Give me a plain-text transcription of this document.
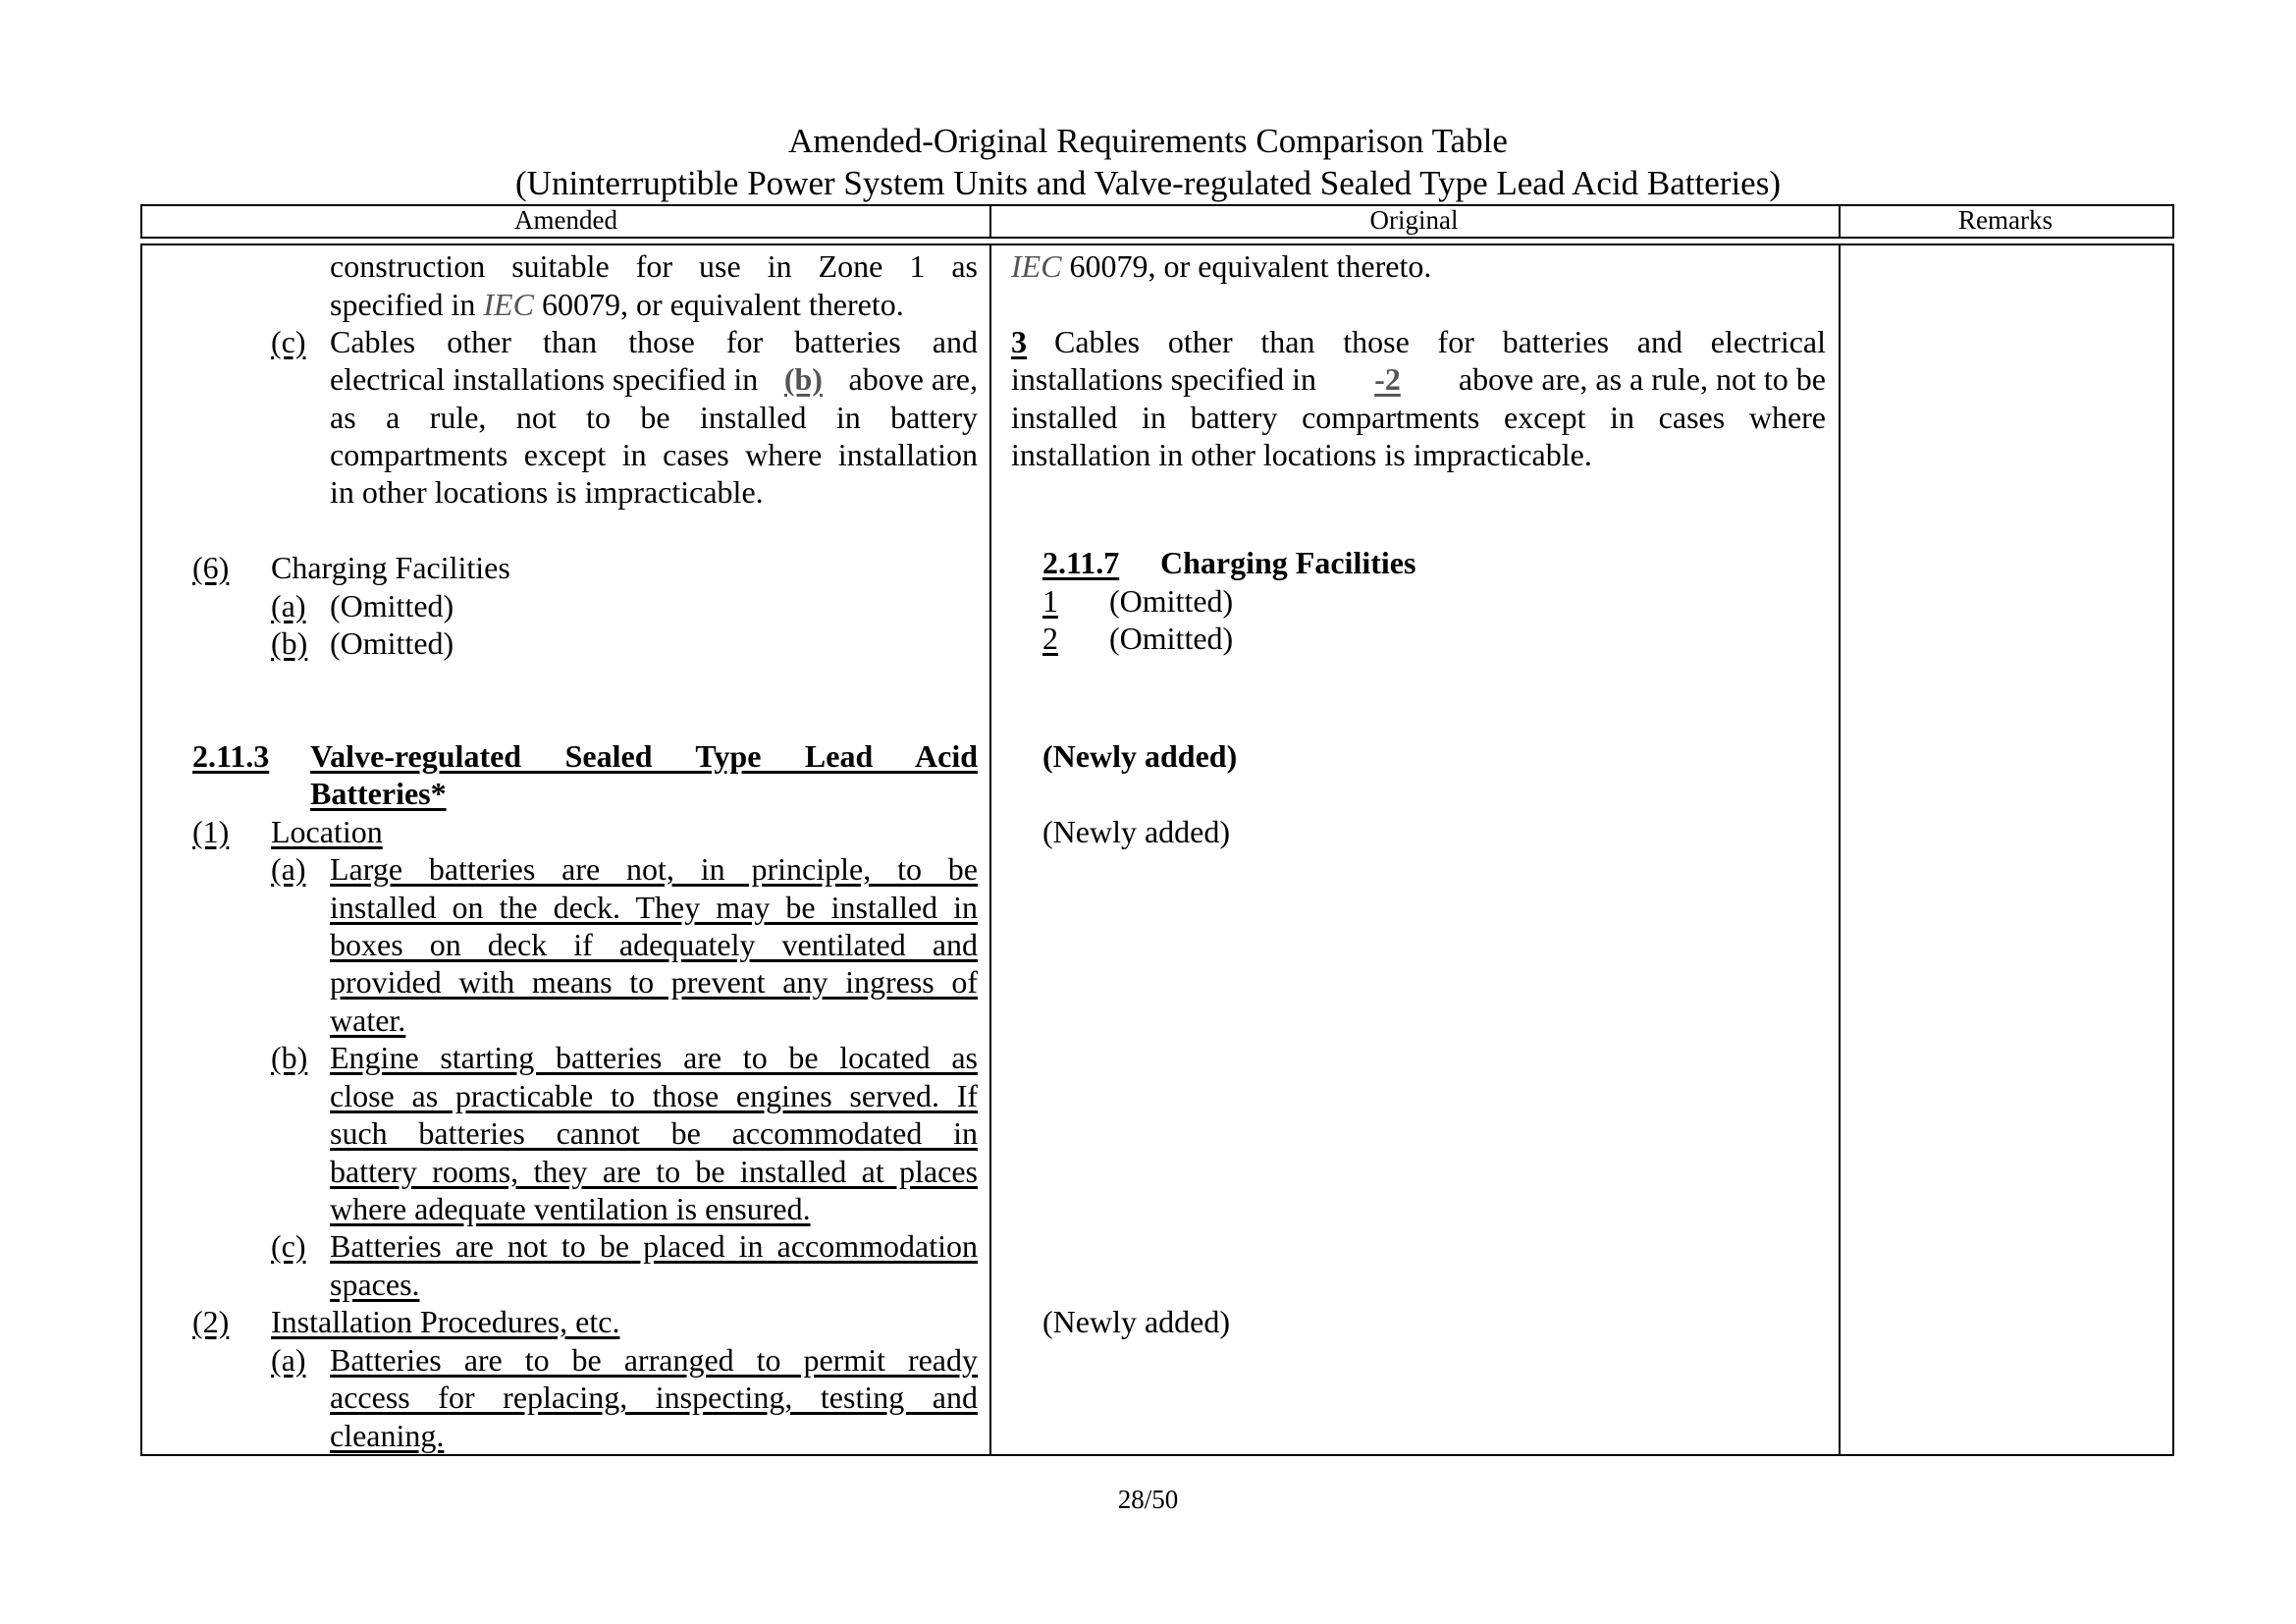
Amended-Original Requirements Comparison Table
(Uninterruptible Power System Units and Valve-regulated Sealed Type Lead Acid Batteries)
Amended	Original	Remarks
construction suitable for use in Zone 1 as
specified in IEC 60079, or equivalent thereto.
(c) Cables other than those for batteries and
electrical installations specified in (b) above are,
as a rule, not to be installed in battery
compartments except in cases where installation
in other locations is impracticable.
(6) Charging Facilities
(a) (Omitted)
(b) (Omitted)
2.11.3 Valve-regulated Sealed Type Lead Acid
Batteries*
(1) Location
(a) Large batteries are not, in principle, to be
installed on the deck. They may be installed in
boxes on deck if adequately ventilated and
provided with means to prevent any ingress of
water.
(b) Engine starting batteries are to be located as
close as practicable to those engines served. If
such batteries cannot be accommodated in
battery rooms, they are to be installed at places
where adequate ventilation is ensured.
(c) Batteries are not to be placed in accommodation
spaces.
(2) Installation Procedures, etc.
(a) Batteries are to be arranged to permit ready
access for replacing, inspecting, testing and
cleaning.
IEC 60079, or equivalent thereto.
3 Cables other than those for batteries and electrical
installations specified in -2 above are, as a rule, not to be
installed in battery compartments except in cases where
installation in other locations is impracticable.
2.11.7 Charging Facilities
1 (Omitted)
2 (Omitted)
(Newly added)
(Newly added)
(Newly added)
28/50
